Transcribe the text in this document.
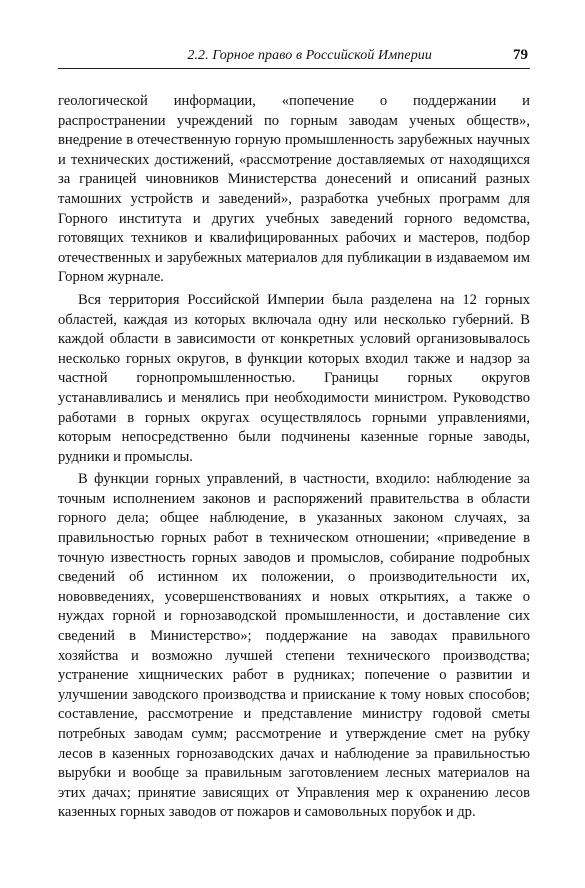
2.2. Горное право в Российской Империи	79

геологической информации, «попечение о поддержании и распространении учреждений по горным заводам ученых обществ», внедрение в отечественную горную промышленность зарубежных научных и технических достижений, «рассмотрение доставляемых от находящихся за границей чиновников Министерства донесений и описаний разных тамошних устройств и заведений», разработка учебных программ для Горного института и других учебных заведений горного ведомства, готовящих техников и квалифицированных рабочих и мастеров, подбор отечественных и зарубежных материалов для публикации в издаваемом им Горном журнале.

Вся территория Российской Империи была разделена на 12 горных областей, каждая из которых включала одну или несколько губерний. В каждой области в зависимости от конкретных условий организовывалось несколько горных округов, в функции которых входил также и надзор за частной горнопромышленностью. Границы горных округов устанавливались и менялись при необходимости министром. Руководство работами в горных округах осуществлялось горными управлениями, которым непосредственно были подчинены казенные горные заводы, рудники и промыслы.

В функции горных управлений, в частности, входило: наблюдение за точным исполнением законов и распоряжений правительства в области горного дела; общее наблюдение, в указанных законом случаях, за правильностью горных работ в техническом отношении; «приведение в точную известность горных заводов и промыслов, собирание подробных сведений об истинном их положении, о производительности их, нововведениях, усовершенствованиях и новых открытиях, а также о нуждах горной и горнозаводской промышленности, и доставление сих сведений в Министерство»; поддержание на заводах правильного хозяйства и возможно лучшей степени технического производства; устранение хищнических работ в рудниках; попечение о развитии и улучшении заводского производства и приискание к тому новых способов; составление, рассмотрение и представление министру годовой сметы потребных заводам сумм; рассмотрение и утверждение смет на рубку лесов в казенных горнозаводских дачах и наблюдение за правильностью вырубки и вообще за правильным заготовлением лесных материалов на этих дачах; принятие зависящих от Управления мер к охранению лесов казенных горных заводов от пожаров и самовольных порубок и др.
